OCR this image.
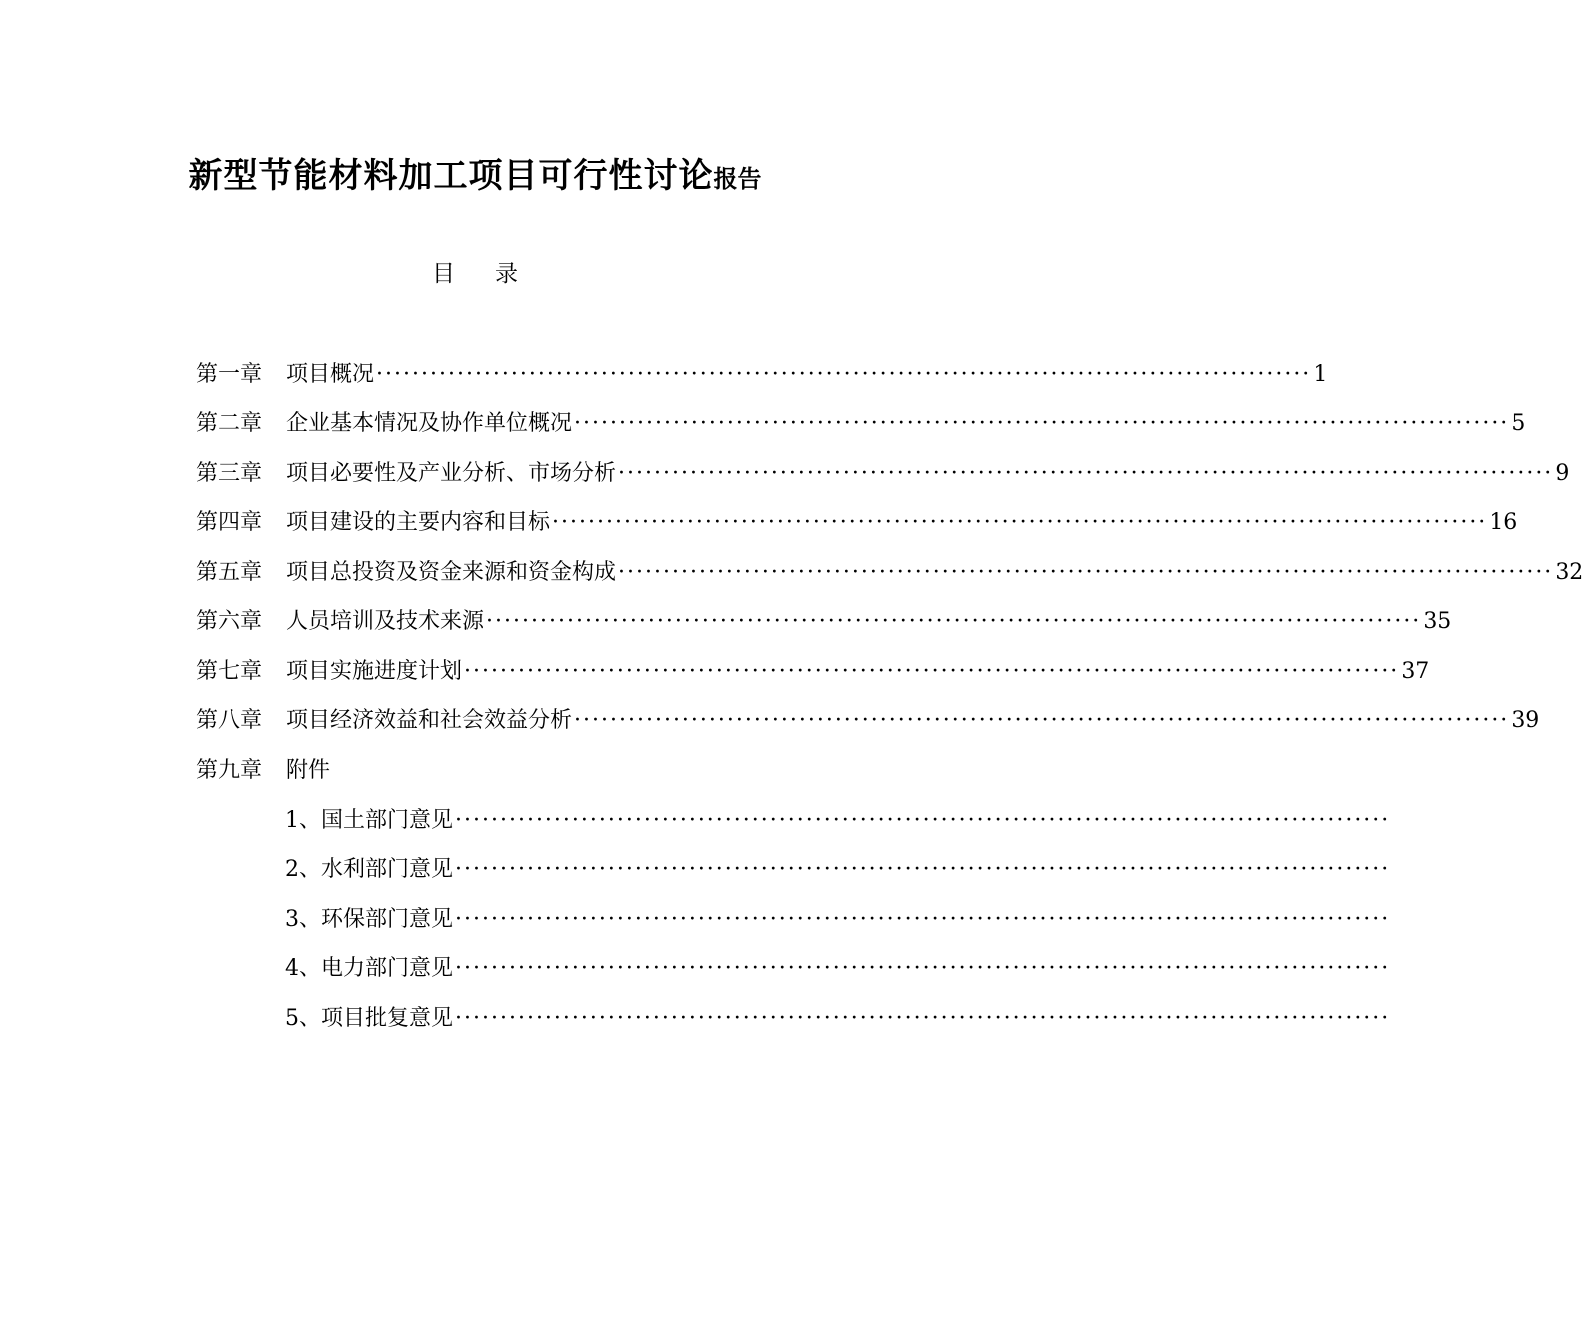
新型节能材料加工项目可行性讨论报告
目 录
第一章	项目概况 ········································································································ 1
第二章	企业基本情况及协作单位概况 ········································································································ 5
第三章	项目必要性及产业分析、市场分析 ········································································································ 9
第四章	项目建设的主要内容和目标 ········································································································ 16
第五章	项目总投资及资金来源和资金构成 ········································································································ 32
第六章	人员培训及技术来源 ········································································································ 35
第七章	项目实施进度计划 ········································································································ 37
第八章	项目经济效益和社会效益分析 ········································································································ 39
第九章	附件
1、国土部门意见 ········································································································
2、水利部门意见 ········································································································
3、环保部门意见 ········································································································
4、电力部门意见 ········································································································
5、项目批复意见 ········································································································
